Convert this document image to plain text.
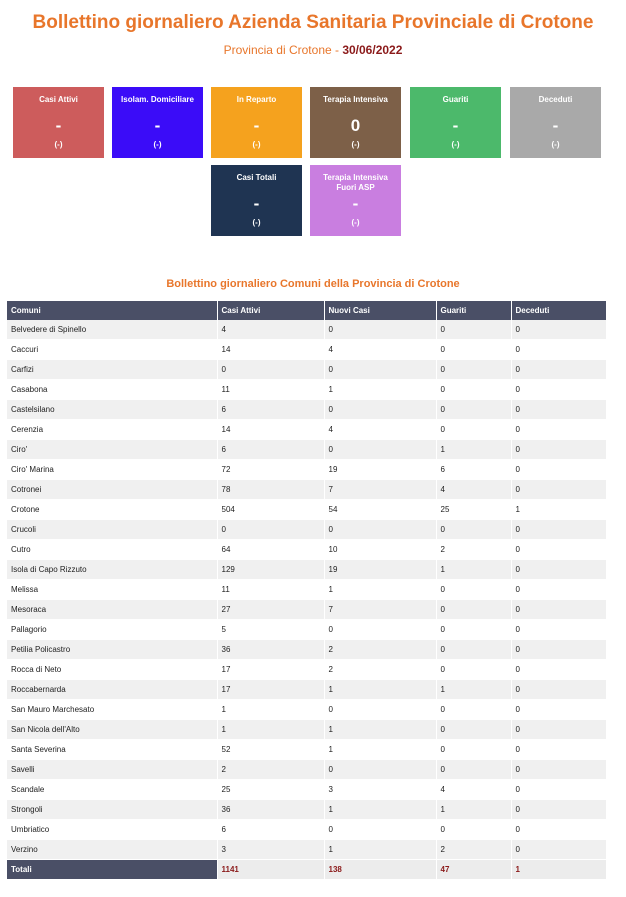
Bollettino giornaliero Azienda Sanitaria Provinciale di Crotone
Provincia di Crotone - 30/06/2022
Casi Attivi
-
(-)
Isolam. Domiciliare
-
(-)
In Reparto
-
(-)
Terapia Intensiva
0
(-)
Guariti
-
(-)
Deceduti
-
(-)
Casi Totali
-
(-)
Terapia Intensiva Fuori ASP
-
(-)
Bollettino giornaliero Comuni della Provincia di Crotone
Comuni	Casi Attivi	Nuovi Casi	Guariti	Deceduti
Belvedere di Spinello	4	0	0	0
Caccuri	14	4	0	0
Carfizi	0	0	0	0
Casabona	11	1	0	0
Castelsilano	6	0	0	0
Cerenzia	14	4	0	0
Ciro'	6	0	1	0
Ciro' Marina	72	19	6	0
Cotronei	78	7	4	0
Crotone	504	54	25	1
Crucoli	0	0	0	0
Cutro	64	10	2	0
Isola di Capo Rizzuto	129	19	1	0
Melissa	11	1	0	0
Mesoraca	27	7	0	0
Pallagorio	5	0	0	0
Petilia Policastro	36	2	0	0
Rocca di Neto	17	2	0	0
Roccabernarda	17	1	1	0
San Mauro Marchesato	1	0	0	0
San Nicola dell'Alto	1	1	0	0
Santa Severina	52	1	0	0
Savelli	2	0	0	0
Scandale	25	3	4	0
Strongoli	36	1	1	0
Umbriatico	6	0	0	0
Verzino	3	1	2	0
Totali	1141	138	47	1
